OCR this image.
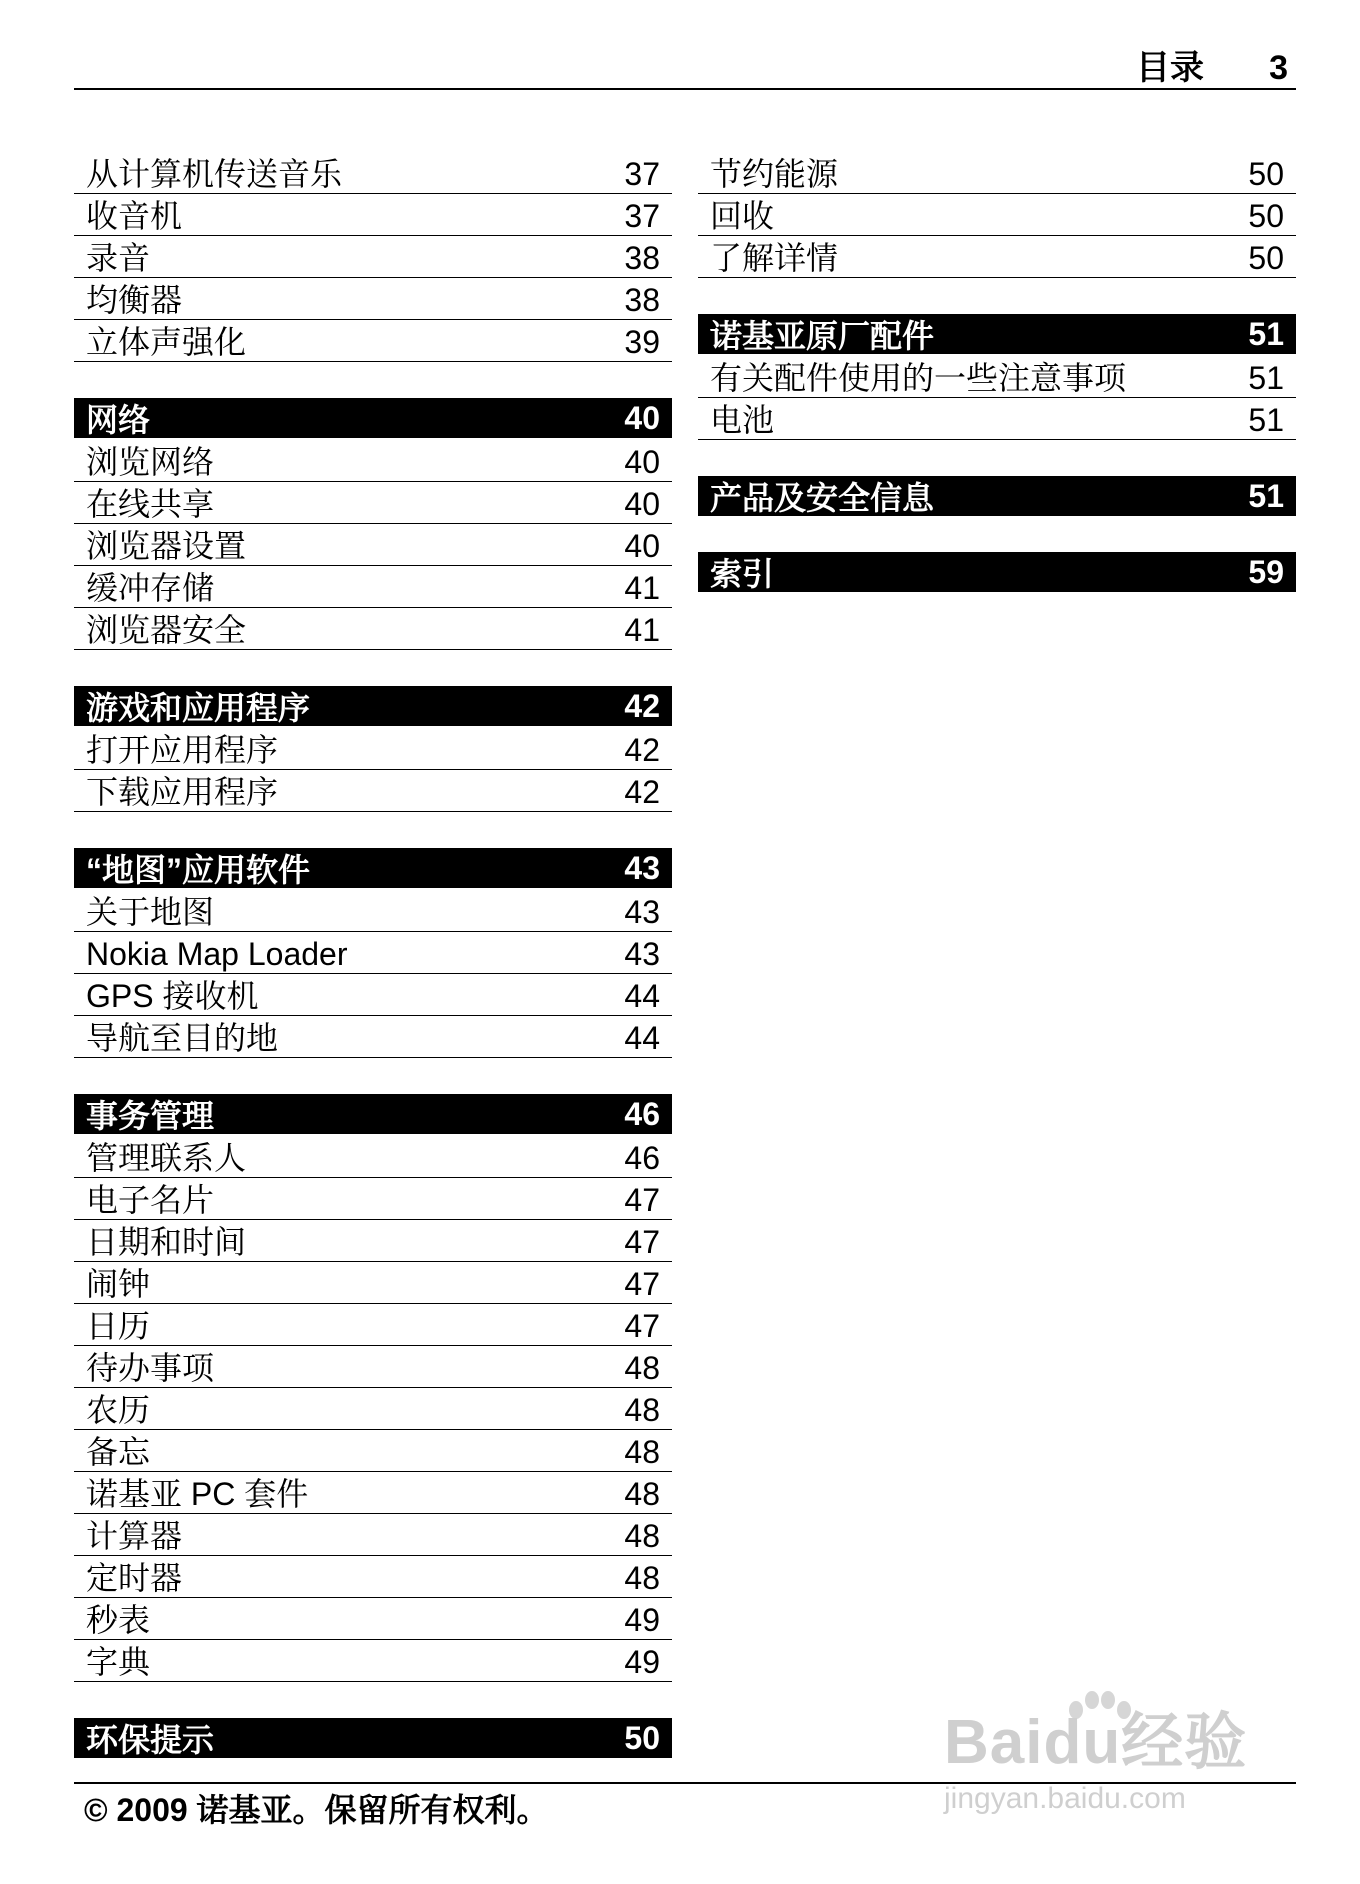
目录 3
从计算机传送音乐	37
收音机	37
录音	38
均衡器	38
立体声强化	39
网络	40
浏览网络	40
在线共享	40
浏览器设置	40
缓冲存储	41
浏览器安全	41
游戏和应用程序	42
打开应用程序	42
下载应用程序	42
“地图”应用软件	43
关于地图	43
Nokia Map Loader	43
GPS 接收机	44
导航至目的地	44
事务管理	46
管理联系人	46
电子名片	47
日期和时间	47
闹钟	47
日历	47
待办事项	48
农历	48
备忘	48
诺基亚 PC 套件	48
计算器	48
定时器	48
秒表	49
字典	49
环保提示	50
节约能源	50
回收	50
了解详情	50
诺基亚原厂配件	51
有关配件使用的一些注意事项	51
电池	51
产品及安全信息	51
索引	59
© 2009 诺基亚。保留所有权利。
Baidu经验
jingyan.baidu.com
